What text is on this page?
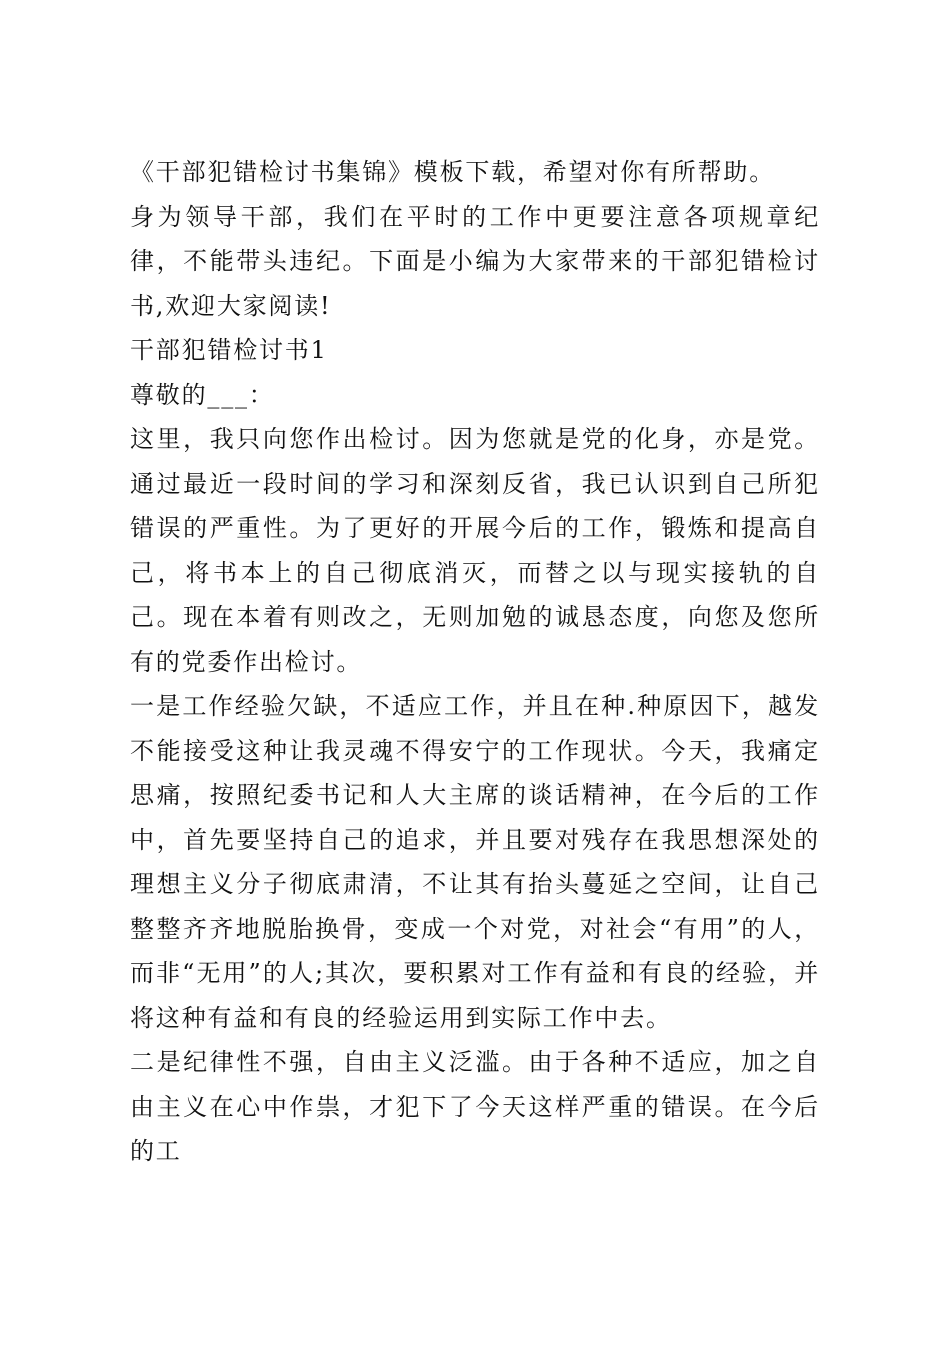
《干部犯错检讨书集锦》模板下载，希望对你有所帮助。

身为领导干部，我们在平时的工作中更要注意各项规章纪律，不能带头违纪。下面是小编为大家带来的干部犯错检讨书,欢迎大家阅读!

干部犯错检讨书1

尊敬的___：

这里，我只向您作出检讨。因为您就是党的化身，亦是党。通过最近一段时间的学习和深刻反省，我已认识到自己所犯错误的严重性。为了更好的开展今后的工作，锻炼和提高自己，将书本上的自己彻底消灭，而替之以与现实接轨的自己。现在本着有则改之，无则加勉的诚恳态度，向您及您所有的党委作出检讨。

一是工作经验欠缺，不适应工作，并且在种.种原因下，越发不能接受这种让我灵魂不得安宁的工作现状。今天，我痛定思痛，按照纪委书记和人大主席的谈话精神，在今后的工作中，首先要坚持自己的追求，并且要对残存在我思想深处的理想主义分子彻底肃清，不让其有抬头蔓延之空间，让自己整整齐齐地脱胎换骨，变成一个对党，对社会“有用”的人，而非“无用”的人;其次，要积累对工作有益和有良的经验，并将这种有益和有良的经验运用到实际工作中去。

二是纪律性不强，自由主义泛滥。由于各种不适应，加之自由主义在心中作祟，才犯下了今天这样严重的错误。在今后的工
